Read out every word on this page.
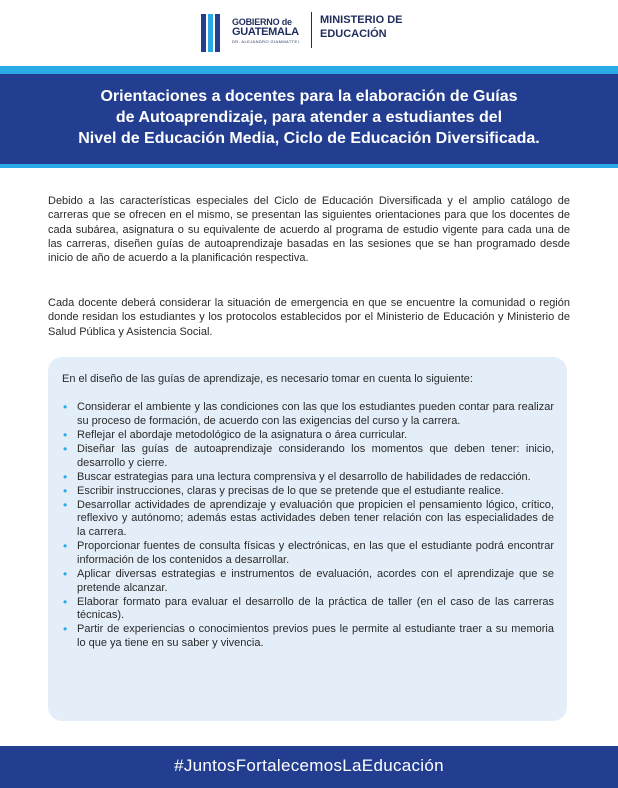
GOBIERNO de
GUATEMALA
DR. ALEJANDRO GIAMMATTEI
MINISTERIO DE
EDUCACIÓN
Orientaciones a docentes para la elaboración de Guías
de Autoaprendizaje, para atender a estudiantes del
Nivel de Educación Media, Ciclo de Educación Diversificada.
Debido a las características especiales del Ciclo de Educación Diversificada y el amplio catálogo de carreras que se ofrecen en el mismo, se presentan las siguientes orientaciones para que los docentes de cada subárea, asignatura o su equivalente de acuerdo al programa de estudio vigente para cada una de las carreras, diseñen guías de autoaprendizaje basadas en las sesiones que se han programado desde inicio de año de acuerdo a la planificación respectiva.
Cada docente deberá considerar la situación de emergencia en que se encuentre la comunidad o región donde residan los estudiantes y los protocolos establecidos por el Ministerio de Educación y Ministerio de Salud Pública y Asistencia Social.
En el diseño de las guías de aprendizaje, es necesario tomar en cuenta lo siguiente:
• Considerar el ambiente y las condiciones con las que los estudiantes pueden contar para realizar su proceso de formación, de acuerdo con las exigencias del curso y la carrera.
• Reflejar el abordaje metodológico de la asignatura o área curricular.
• Diseñar las guías de autoaprendizaje considerando los momentos que deben tener: inicio, desarrollo y cierre.
• Buscar estrategias para una lectura comprensiva y el desarrollo de habilidades de redacción.
• Escribir instrucciones, claras y precisas de lo que se pretende que el estudiante realice.
• Desarrollar actividades de aprendizaje y evaluación que propicien el pensamiento lógico, crítico, reflexivo y autónomo; además estas actividades deben tener relación con las especialidades de la carrera.
• Proporcionar fuentes de consulta físicas y electrónicas, en las que el estudiante podrá encontrar información de los contenidos a desarrollar.
• Aplicar diversas estrategias e instrumentos de evaluación, acordes con el aprendizaje que se pretende alcanzar.
• Elaborar formato para evaluar el desarrollo de la práctica de taller (en el caso de las carreras técnicas).
• Partir de experiencias o conocimientos previos pues le permite al estudiante traer a su memoria lo que ya tiene en su saber y vivencia.
#JuntosFortalecemosLaEducación
